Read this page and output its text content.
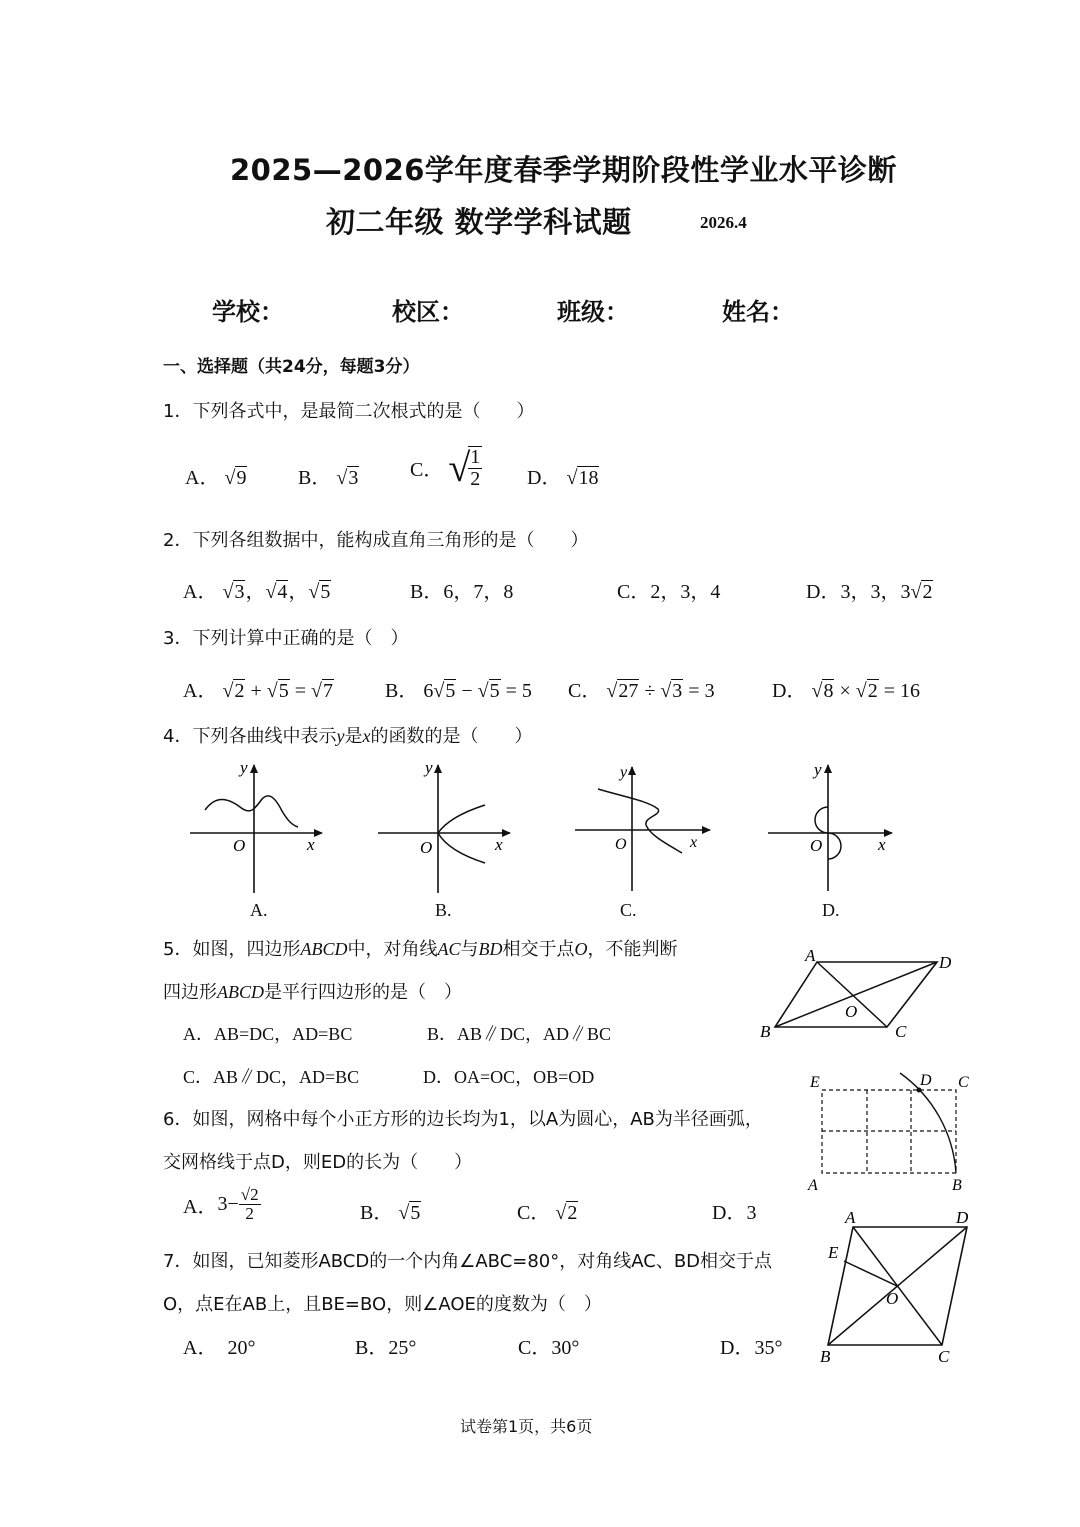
2025—2026学年度春季学期阶段性学业水平诊断
初二年级 数学学科试题	2026.4
学校：	校区：	班级：	姓名：
一、选择题（共24分，每题3分）
1．下列各式中，是最简二次根式的是（　　）
A． √9	B． √3	C． √
$\frac{1}{2}$ D． √18
2．下列各组数据中，能构成直角三角形的是（　　）
A． √3，√4，√5	B．6，7，8	C．2，3，4	D．3，3，3√2
3．下列计算中正确的是（　）
A． √2 + √5 = √7	B． 6√5 − √5 = 5 C． √27 ÷ √3 = 3	D． √8 × √2 = 16
4．下列各曲线中表示y是x的函数的是（　　）
y
x
O
y
x
O
y
x
O
y
x
O
A.	B.	C.	D.
5．如图，四边形ABCD中，对角线AC与BD相交于点O，不能判断
四边形ABCD是平行四边形的是（　）
A．AB=DC，AD=BC	B．AB∥DC，AD∥BC
C．AB∥DC，AD=BC	D．OA=OC，OB=OD
A	D
B	C
O
6．如图，网格中每个小正方形的边长均为1，以A为圆心，AB为半径画弧，
交网格线于点D，则ED的长为（　　）
A．$3- \frac{√2}{2}$	B． √5	C． √2	D．3
E	D C
A	B
7．如图，已知菱形ABCD的一个内角∠ABC=80°，对角线AC、BD相交于点
O，点E在AB上，且BE=BO，则∠AOE的度数为（　）
A．　20°	B．25°	C．30°	D．35°
A	D
E
O
B	C
试卷第1页，共6页
